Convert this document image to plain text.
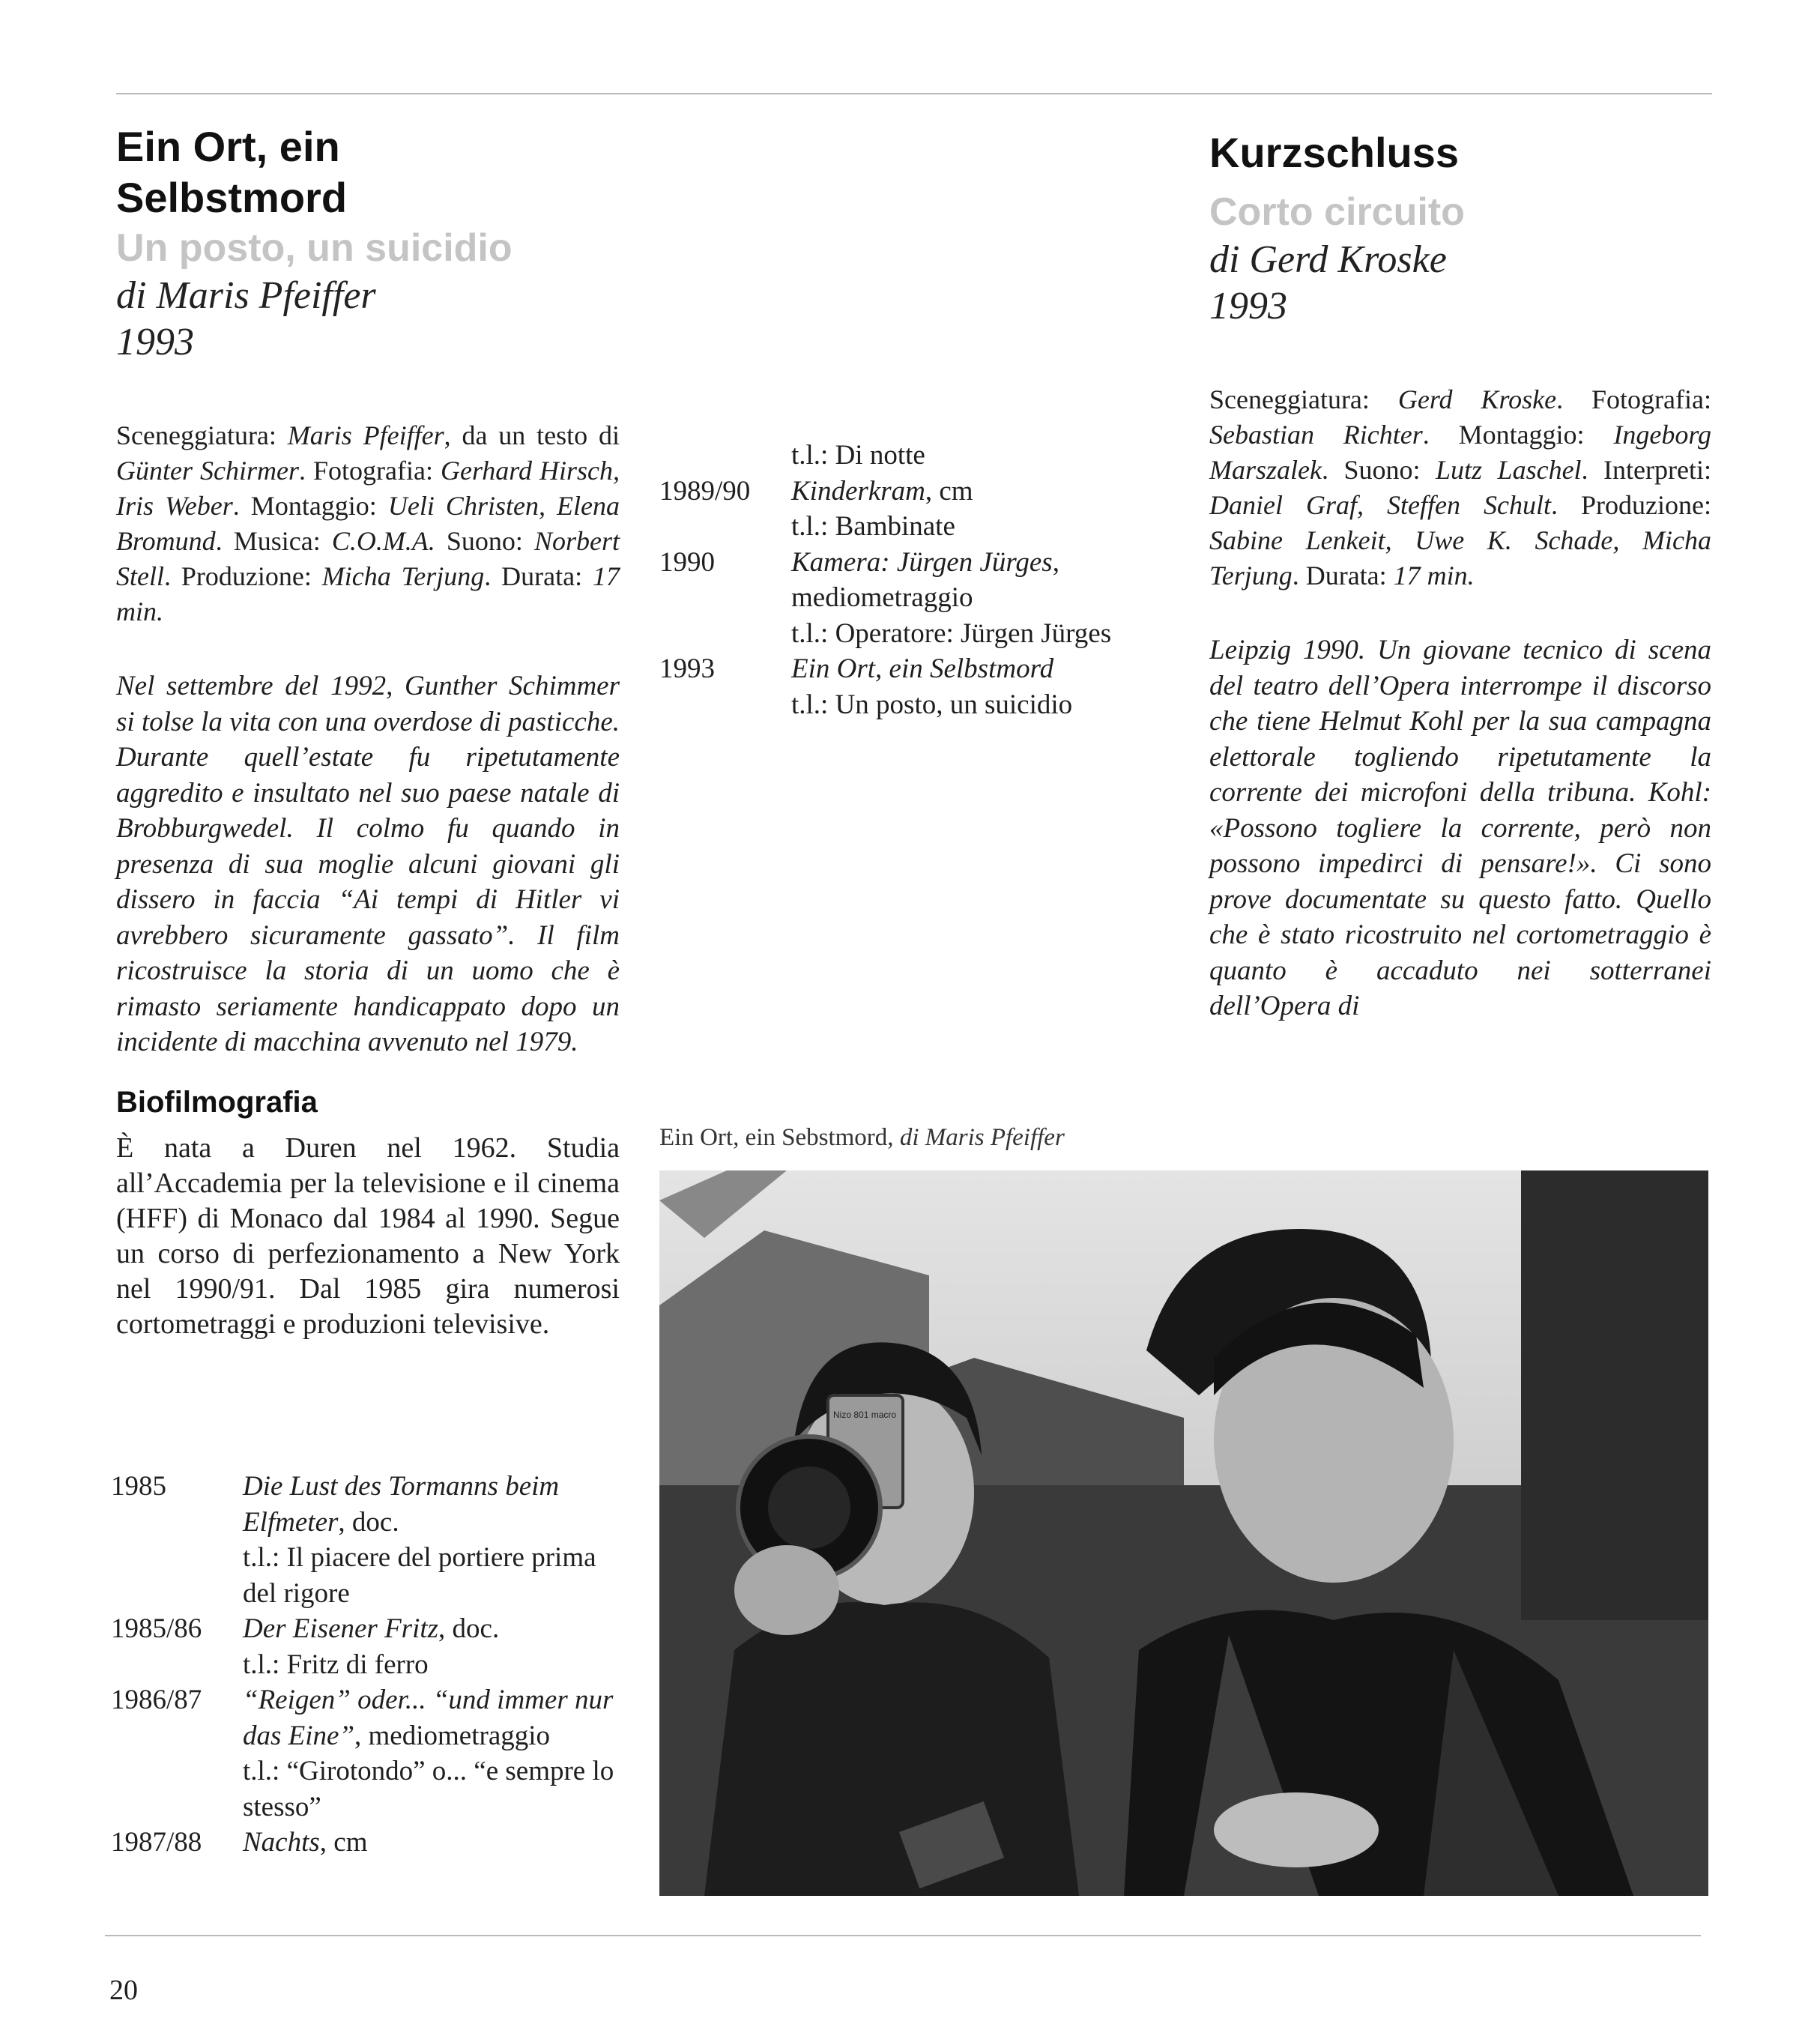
Ein Ort, ein
Selbstmord
Un posto, un suicidio

di Maris Pfeiffer

1993

Sceneggiatura: Maris Pfeiffer, da un testo di Günter Schirmer. Fotografia: Gerhard Hirsch, Iris Weber. Montaggio: Ueli Christen, Elena Bromund. Musica: C.O.M.A. Suono: Norbert Stell. Produzione: Micha Terjung. Durata: 17 min.

Nel settembre del 1992, Gunther Schimmer si tolse la vita con una overdose di pasticche. Durante quell’estate fu ripetutamente aggredito e insultato nel suo paese natale di Brobburgwedel. Il colmo fu quando in presenza di sua moglie alcuni giovani gli dissero in faccia “Ai tempi di Hitler vi avrebbero sicuramente gassato”. Il film ricostruisce la storia di un uomo che è rimasto seriamente handicappato dopo un incidente di macchina avvenuto nel 1979.

Biofilmografia

È nata a Duren nel 1962. Studia all’Accademia per la televisione e il cinema (HFF) di Monaco dal 1984 al 1990. Segue un corso di perfezionamento a New York nel 1990/91. Dal 1985 gira numerosi cortometraggi e produzioni televisive.

1985	Die Lust des Tormanns beim Elfmeter, doc.
t.l.: Il piacere del portiere prima del rigore
1985/86	Der Eisener Fritz, doc.
t.l.: Fritz di ferro
1986/87	“Reigen” oder... “und immer nur das Eine”, mediometraggio
t.l.: “Girotondo” o... “e sempre lo stesso”
1987/88	Nachts, cm
t.l.: Di notte
1989/90	Kinderkram, cm
t.l.: Bambinate
1990	Kamera: Jürgen Jürges, mediometraggio
t.l.: Operatore: Jürgen Jürges
1993	Ein Ort, ein Selbstmord
t.l.: Un posto, un suicidio
Kurzschluss
Corto circuito

di Gerd Kroske

1993

Sceneggiatura: Gerd Kroske. Fotografia: Sebastian Richter. Montaggio: Ingeborg Marszalek. Suono: Lutz Laschel. Interpreti: Daniel Graf, Steffen Schult. Produzione: Sabine Lenkeit, Uwe K. Schade, Micha Terjung. Durata: 17 min.

Leipzig 1990. Un giovane tecnico di scena del teatro dell’Opera interrompe il discorso che tiene Helmut Kohl per la sua campagna elettorale togliendo ripetutamente la corrente dei microfoni della tribuna. Kohl: «Possono togliere la corrente, però non possono impedirci di pensare!». Ci sono prove documentate su questo fatto. Quello che è stato ricostruito nel cortometraggio è quanto è accaduto nei sotterranei dell’Opera di

Ein Ort, ein Sebstmord, di Maris Pfeiffer
Nizo 801 macro
20
